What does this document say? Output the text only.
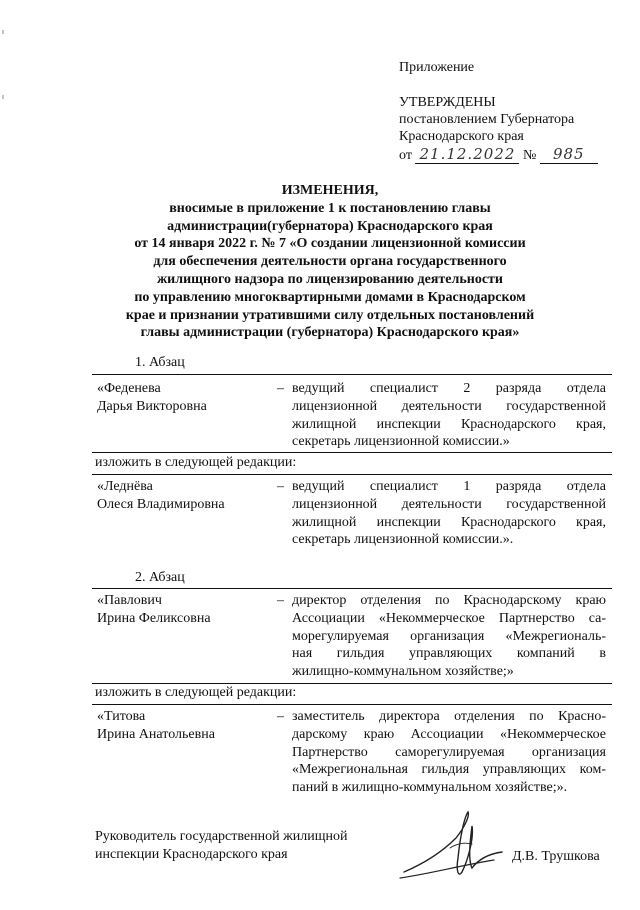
Приложение
УТВЕРЖДЕНЫ
постановлением Губернатора
Краснодарского края
от 21.12.2022 № 985
ИЗМЕНЕНИЯ,
вносимые в приложение 1 к постановлению главы
администрации(губернатора) Краснодарского края
от 14 января 2022 г. № 7 «О создании лицензионной комиссии
для обеспечения деятельности органа государственного
жилищного надзора по лицензированию деятельности
по управлению многоквартирными домами в Краснодарском
крае и признании утратившими силу отдельных постановлений
главы администрации (губернатора) Краснодарского края»
1. Абзац
«Феденева
Дарья Викторовна
– ведущий специалист 2 разряда отдела
лицензионной деятельности государственной
жилищной инспекции Краснодарского края,
секретарь лицензионной комиссии.»
изложить в следующей редакции:
«Леднёва
Олеся Владимировна
– ведущий специалист 1 разряда отдела
лицензионной деятельности государственной
жилищной инспекции Краснодарского края,
секретарь лицензионной комиссии.».
2. Абзац
«Павлович
Ирина Феликсовна
– директор отделения по Краснодарскому краю
Ассоциации «Некоммерческое Партнерство са-
морегулируемая организация «Межрегиональ-
ная гильдия управляющих компаний в
жилищно-коммунальном хозяйстве;»
изложить в следующей редакции:
«Титова
Ирина Анатольевна
– заместитель директора отделения по Красно-
дарскому краю Ассоциации «Некоммерческое
Партнерство саморегулируемая организация
«Межрегиональная гильдия управляющих ком-
паний в жилищно-коммунальном хозяйстве;».
Руководитель государственной жилищной
инспекции Краснодарского края	Д.В. Трушкова
